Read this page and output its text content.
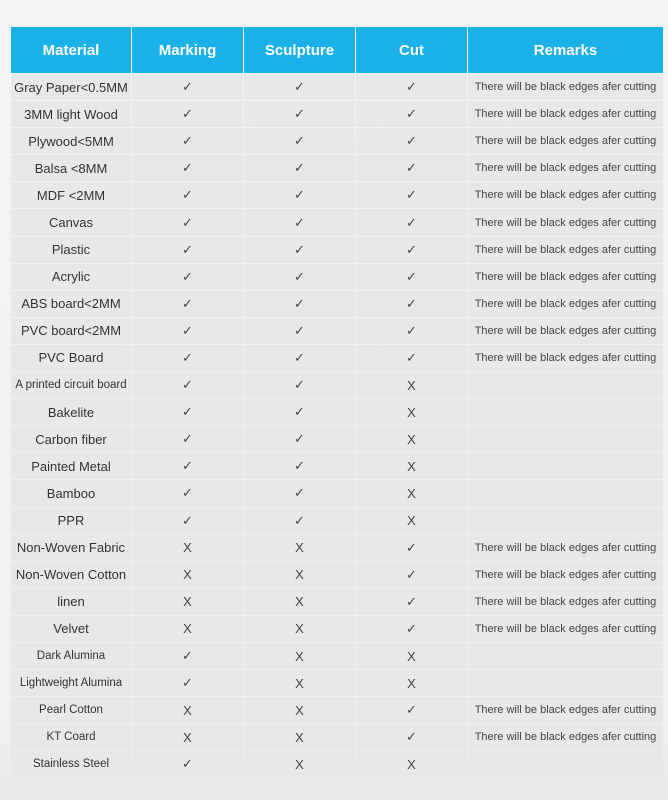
Material	Marking	Sculpture	Cut	Remarks
Gray Paper<0.5MM	✓	✓	✓	There will be black edges afer cutting
3MM light Wood	✓	✓	✓	There will be black edges afer cutting
Plywood<5MM	✓	✓	✓	There will be black edges afer cutting
Balsa <8MM	✓	✓	✓	There will be black edges afer cutting
MDF <2MM	✓	✓	✓	There will be black edges afer cutting
Canvas	✓	✓	✓	There will be black edges afer cutting
Plastic	✓	✓	✓	There will be black edges afer cutting
Acrylic	✓	✓	✓	There will be black edges afer cutting
ABS board<2MM	✓	✓	✓	There will be black edges afer cutting
PVC board<2MM	✓	✓	✓	There will be black edges afer cutting
PVC Board	✓	✓	✓	There will be black edges afer cutting
A printed circuit board	✓	✓	X	
Bakelite	✓	✓	X	
Carbon fiber	✓	✓	X	
Painted Metal	✓	✓	X	
Bamboo	✓	✓	X	
PPR	✓	✓	X	
Non-Woven Fabric	X	X	✓	There will be black edges afer cutting
Non-Woven Cotton	X	X	✓	There will be black edges afer cutting
linen	X	X	✓	There will be black edges afer cutting
Velvet	X	X	✓	There will be black edges afer cutting
Dark Alumina	✓	X	X	
Lightweight Alumina	✓	X	X	
Pearl Cotton	X	X	✓	There will be black edges afer cutting
KT Coard	X	X	✓	There will be black edges afer cutting
Stainless Steel	✓	X	X	
